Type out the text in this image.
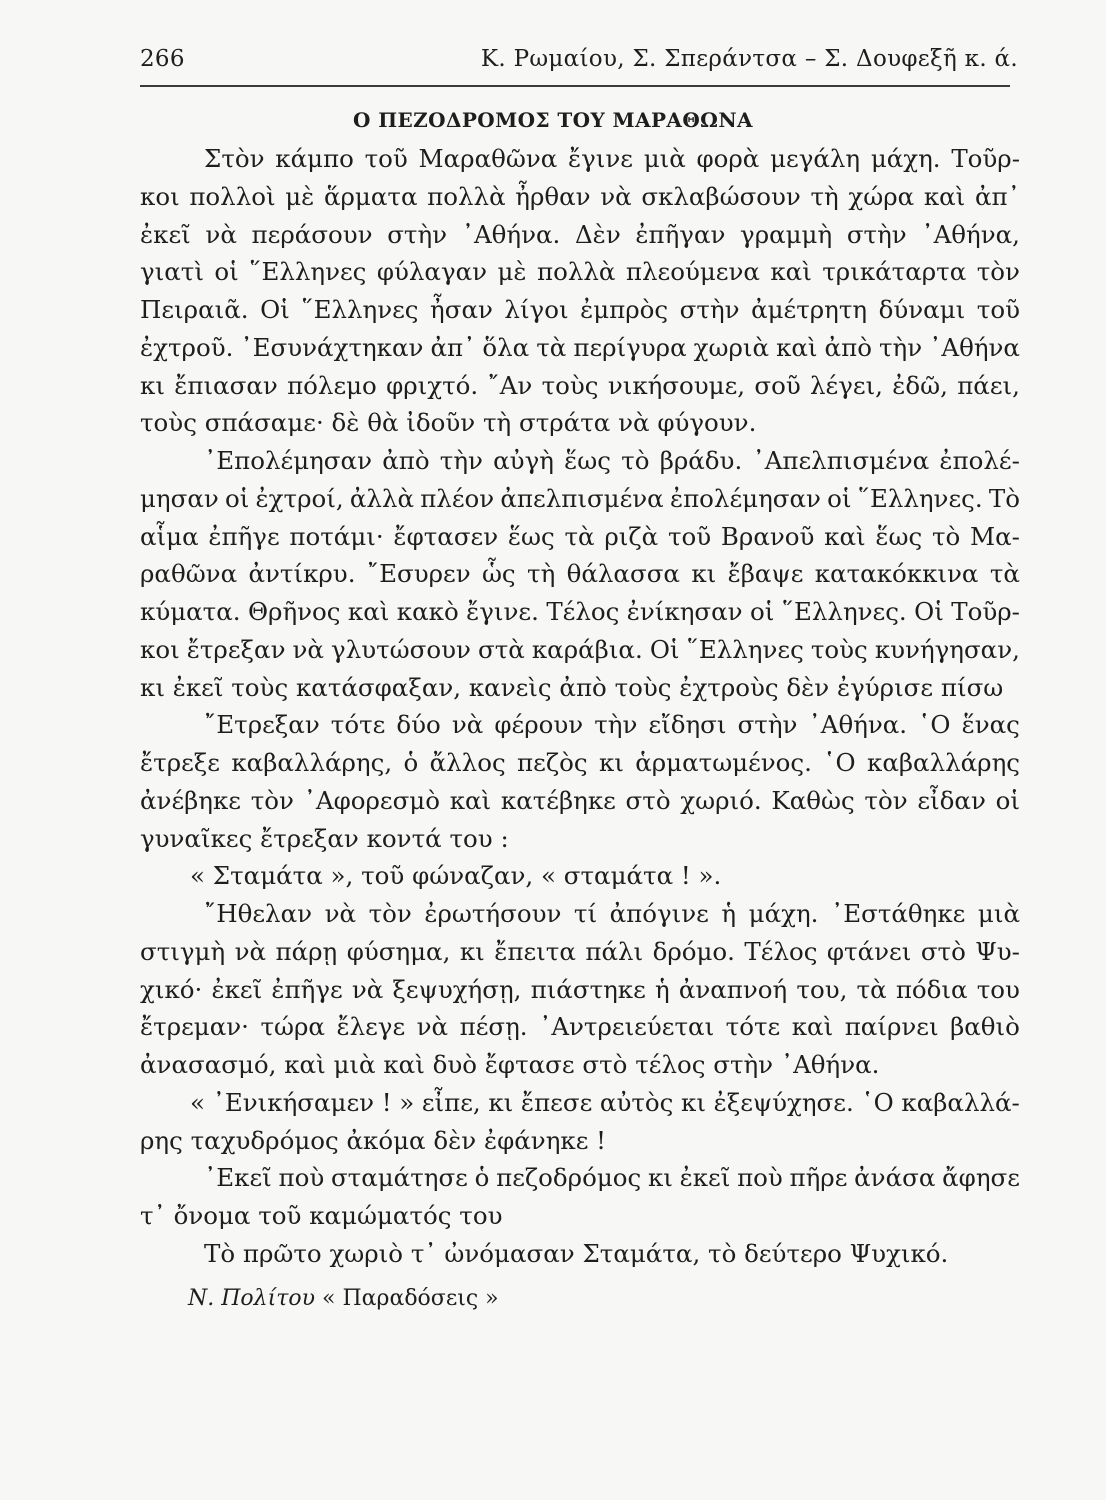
266	Κ. Ρωμαίου, Σ. Σπεράντσα – Σ. Δουφεξῆ κ. ά.
Ο ΠΕΖΟΔΡΟΜΟΣ ΤΟΥ ΜΑΡΑΘΩΝΑ
Στὸν κάμπο τοῦ Μαραθῶνα ἔγινε μιὰ φορὰ μεγάλη μάχη. Τοῦρ-
κοι πολλοὶ μὲ ἅρματα πολλὰ ἦρθαν νὰ σκλαβώσουν τὴ χώρα καὶ ἀπ᾽
ἐκεῖ νὰ περάσουν στὴν ᾽Αθήνα. Δὲν ἐπῆγαν γραμμὴ στὴν ᾽Αθήνα,
γιατὶ οἱ ῞Ελληνες φύλαγαν μὲ πολλὰ πλεούμενα καὶ τρικάταρτα τὸν
Πειραιᾶ. Οἱ ῞Ελληνες ἦσαν λίγοι ἐμπρὸς στὴν ἀμέτρητη δύναμι τοῦ
ἐχτροῦ. ᾽Εσυνάχτηκαν ἀπ᾽ ὅλα τὰ περίγυρα χωριὰ καὶ ἀπὸ τὴν ᾽Αθήνα
κι ἔπιασαν πόλεμο φριχτό. ῎Αν τοὺς νικήσουμε, σοῦ λέγει, ἐδῶ, πάει,
τοὺς σπάσαμε· δὲ θὰ ἰδοῦν τὴ στράτα νὰ φύγουν.
᾽Επολέμησαν ἀπὸ τὴν αὐγὴ ἕως τὸ βράδυ. ᾽Απελπισμένα ἐπολέ-
μησαν οἱ ἐχτροί, ἀλλὰ πλέον ἀπελπισμένα ἐπολέμησαν οἱ ῞Ελληνες. Τὸ
αἷμα ἐπῆγε ποτάμι· ἔφτασεν ἕως τὰ ριζὰ τοῦ Βρανοῦ καὶ ἕως τὸ Μα-
ραθῶνα ἀντίκρυ. ῎Εσυρεν ὧς τὴ θάλασσα κι ἔβαψε κατακόκκινα τὰ
κύματα. Θρῆνος καὶ κακὸ ἔγινε. Τέλος ἐνίκησαν οἱ ῞Ελληνες. Οἱ Τοῦρ-
κοι ἔτρεξαν νὰ γλυτώσουν στὰ καράβια. Οἱ ῞Ελληνες τοὺς κυνήγησαν,
κι ἐκεῖ τοὺς κατάσφαξαν, κανεὶς ἀπὸ τοὺς ἐχτροὺς δὲν ἐγύρισε πίσω
῎Ετρεξαν τότε δύο νὰ φέρουν τὴν εἴδησι στὴν ᾽Αθήνα. ῾Ο ἕνας
ἔτρεξε καβαλλάρης, ὁ ἄλλος πεζὸς κι ἁρματωμένος. ῾Ο καβαλλάρης
ἀνέβηκε τὸν ᾽Αφορεσμὸ καὶ κατέβηκε στὸ χωριό. Καθὼς τὸν εἶδαν οἱ
γυναῖκες ἔτρεξαν κοντά του :
« Σταμάτα », τοῦ φώναζαν, « σταμάτα ! ».
῎Ηθελαν νὰ τὸν ἐρωτήσουν τί ἀπόγινε ἡ μάχη. ᾽Εστάθηκε μιὰ
στιγμὴ νὰ πάρῃ φύσημα, κι ἔπειτα πάλι δρόμο. Τέλος φτάνει στὸ Ψυ-
χικό· ἐκεῖ ἐπῆγε νὰ ξεψυχήσῃ, πιάστηκε ἡ ἀναπνοή του, τὰ πόδια του
ἔτρεμαν· τώρα ἔλεγε νὰ πέσῃ. ᾽Αντρειεύεται τότε καὶ παίρνει βαθιὸ
ἀνασασμό, καὶ μιὰ καὶ δυὸ ἔφτασε στὸ τέλος στὴν ᾽Αθήνα.
« ᾽Ενικήσαμεν ! » εἶπε, κι ἔπεσε αὐτὸς κι ἐξεψύχησε. ῾Ο καβαλλά-
ρης ταχυδρόμος ἀκόμα δὲν ἐφάνηκε !
᾽Εκεῖ ποὺ σταμάτησε ὁ πεζοδρόμος κι ἐκεῖ ποὺ πῆρε ἀνάσα ἄφησε
τ᾽ ὄνομα τοῦ καμώματός του
Τὸ πρῶτο χωριὸ τ᾽ ὠνόμασαν Σταμάτα, τὸ δεύτερο Ψυχικό.
Ν. Πολίτου « Παραδόσεις »
